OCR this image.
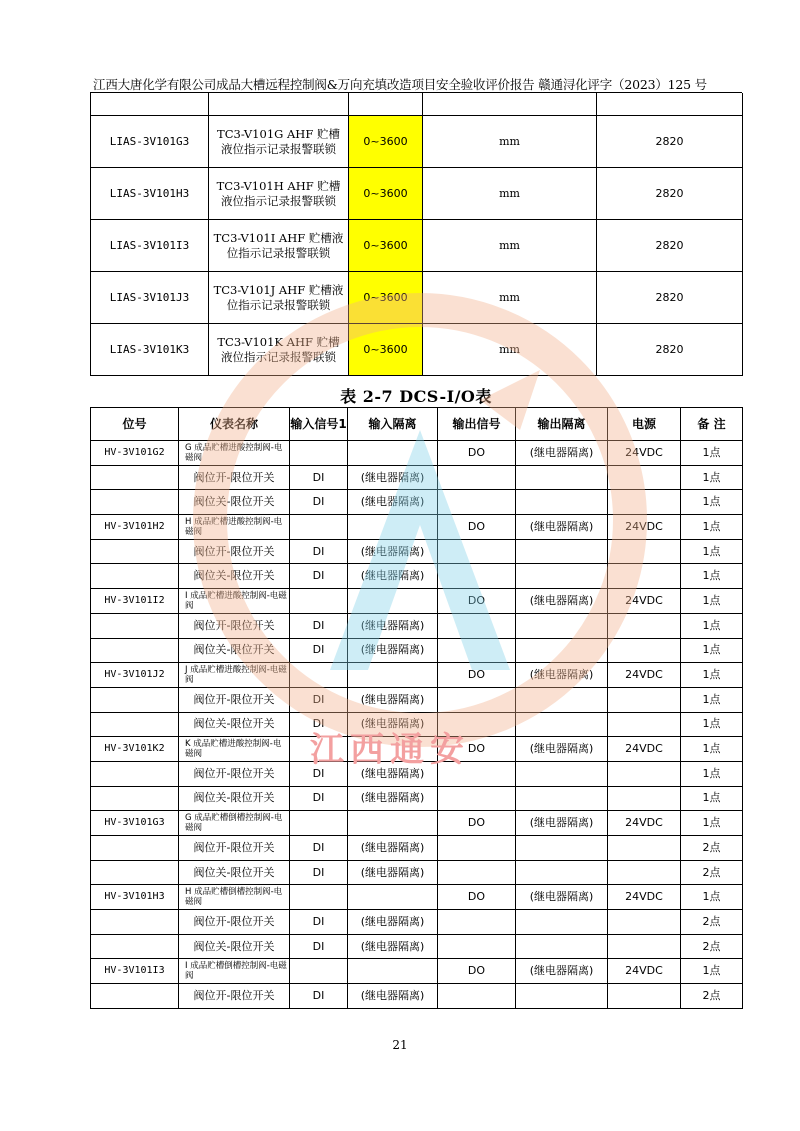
江西大唐化学有限公司成品大槽远程控制阀&万向充填改造项目安全验收评价报告 赣通浔化评字（2023）125 号

LIAS-3V101G3	TC3-V101G AHF 贮槽液位指示记录报警联锁	0~3600	mm	2820
LIAS-3V101H3	TC3-V101H AHF 贮槽液位指示记录报警联锁	0~3600	mm	2820
LIAS-3V101I3	TC3-V101I AHF 贮槽液位指示记录报警联锁	0~3600	mm	2820
LIAS-3V101J3	TC3-V101J AHF 贮槽液位指示记录报警联锁	0~3600	mm	2820
LIAS-3V101K3	TC3-V101K AHF 贮槽液位指示记录报警联锁	0~3600	mm	2820
表 2-7 DCS-I/O表
位号	仪表名称	输入信号1	输入隔离	输出信号	输出隔离	电源	备 注
HV-3V101G2	G 成品贮槽进酸控制阀-电磁阀			DO	(继电器隔离)	24VDC	1点
	阀位开-限位开关	DI	(继电器隔离)				1点
	阀位关-限位开关	DI	(继电器隔离)				1点
HV-3V101H2	H 成品贮槽进酸控制阀-电磁阀			DO	(继电器隔离)	24VDC	1点
	阀位开-限位开关	DI	(继电器隔离)				1点
	阀位关-限位开关	DI	(继电器隔离)				1点
HV-3V101I2	I 成品贮槽进酸控制阀-电磁阀			DO	(继电器隔离)	24VDC	1点
	阀位开-限位开关	DI	(继电器隔离)				1点
	阀位关-限位开关	DI	(继电器隔离)				1点
HV-3V101J2	J 成品贮槽进酸控制阀-电磁阀			DO	(继电器隔离)	24VDC	1点
	阀位开-限位开关	DI	(继电器隔离)				1点
	阀位关-限位开关	DI	(继电器隔离)				1点
HV-3V101K2	K 成品贮槽进酸控制阀-电磁阀			DO	(继电器隔离)	24VDC	1点
	阀位开-限位开关	DI	(继电器隔离)				1点
	阀位关-限位开关	DI	(继电器隔离)				1点
HV-3V101G3	G 成品贮槽倒槽控制阀-电磁阀			DO	(继电器隔离)	24VDC	1点
	阀位开-限位开关	DI	(继电器隔离)				2点
	阀位关-限位开关	DI	(继电器隔离)				2点
HV-3V101H3	H 成品贮槽倒槽控制阀-电磁阀			DO	(继电器隔离)	24VDC	1点
	阀位开-限位开关	DI	(继电器隔离)				2点
	阀位关-限位开关	DI	(继电器隔离)				2点
HV-3V101I3	I 成品贮槽倒槽控制阀-电磁阀			DO	(继电器隔离)	24VDC	1点
	阀位开-限位开关	DI	(继电器隔离)				2点
江西通安
21
